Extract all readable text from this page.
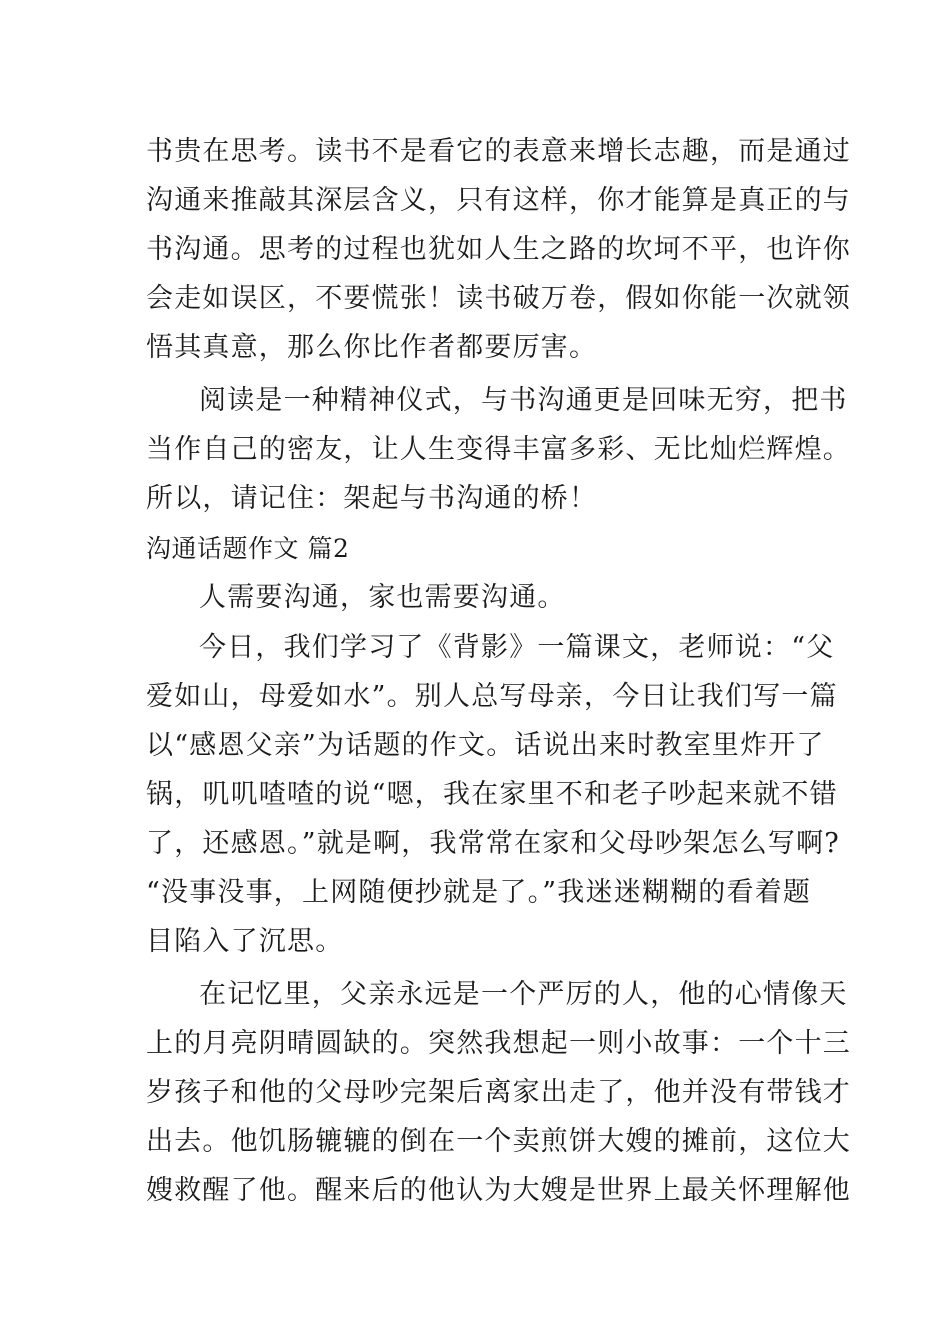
书贵在思考。读书不是看它的表意来增长志趣，而是通过
沟通来推敲其深层含义，只有这样，你才能算是真正的与
书沟通。思考的过程也犹如人生之路的坎坷不平，也许你
会走如误区，不要慌张！读书破万卷，假如你能一次就领
悟其真意，那么你比作者都要厉害。
阅读是一种精神仪式，与书沟通更是回味无穷，把书
当作自己的密友，让人生变得丰富多彩、无比灿烂辉煌。
所以，请记住：架起与书沟通的桥！
沟通话题作文 篇2
人需要沟通，家也需要沟通。
今日，我们学习了《背影》一篇课文，老师说：“父
爱如山，母爱如水”。别人总写母亲，今日让我们写一篇
以“感恩父亲”为话题的作文。话说出来时教室里炸开了
锅，叽叽喳喳的说“嗯，我在家里不和老子吵起来就不错
了，还感恩。”就是啊，我常常在家和父母吵架怎么写啊?
“没事没事，上网随便抄就是了。”我迷迷糊糊的看着题
目陷入了沉思。
在记忆里，父亲永远是一个严厉的人，他的心情像天
上的月亮阴晴圆缺的。突然我想起一则小故事：一个十三
岁孩子和他的父母吵完架后离家出走了，他并没有带钱才
出去。他饥肠辘辘的倒在一个卖煎饼大嫂的摊前，这位大
嫂救醒了他。醒来后的他认为大嫂是世界上最关怀理解他
